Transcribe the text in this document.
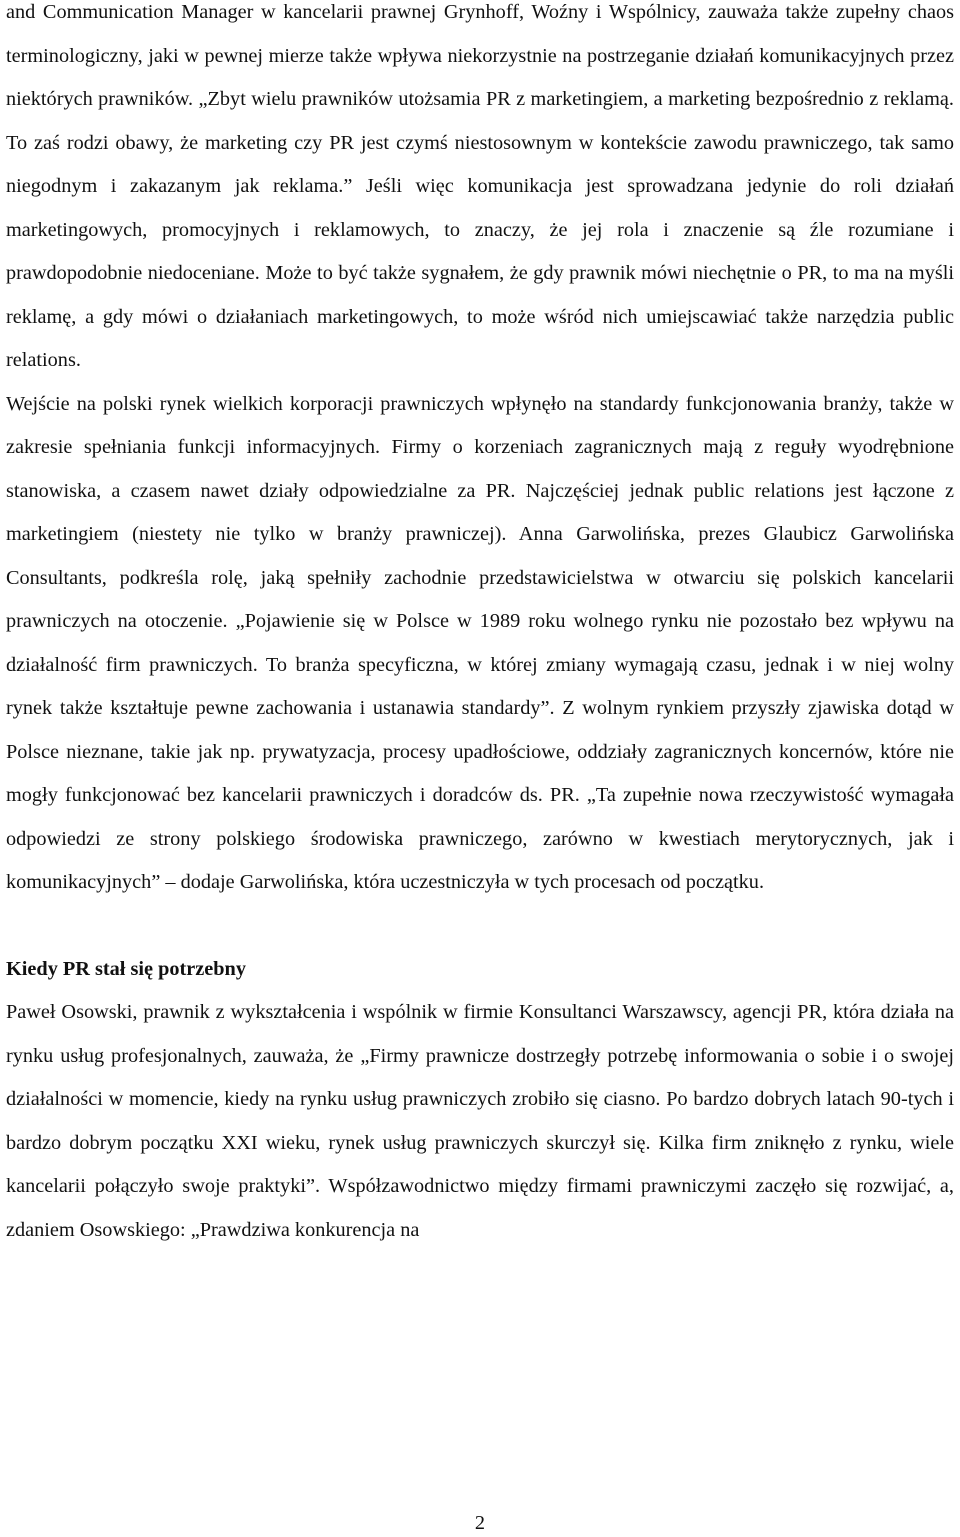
and Communication Manager w kancelarii prawnej Grynhoff, Woźny i Wspólnicy, zauważa także zupełny chaos terminologiczny, jaki w pewnej mierze także wpływa niekorzystnie na postrzeganie działań komunikacyjnych przez niektórych prawników. „Zbyt wielu prawników utożsamia PR z marketingiem, a marketing bezpośrednio z reklamą. To zaś rodzi obawy, że marketing czy PR jest czymś niestosownym w kontekście zawodu prawniczego, tak samo niegodnym i zakazanym jak reklama.” Jeśli więc komunikacja jest sprowadzana jedynie do roli działań marketingowych, promocyjnych i reklamowych, to znaczy, że jej rola i znaczenie są źle rozumiane i prawdopodobnie niedoceniane. Może to być także sygnałem, że gdy prawnik mówi niechętnie o PR, to ma na myśli reklamę, a gdy mówi o działaniach marketingowych, to może wśród nich umiejscawiać także narzędzia public relations.

Wejście na polski rynek wielkich korporacji prawniczych wpłynęło na standardy funkcjonowania branży, także w zakresie spełniania funkcji informacyjnych. Firmy o korzeniach zagranicznych mają z reguły wyodrębnione stanowiska, a czasem nawet działy odpowiedzialne za PR. Najczęściej jednak public relations jest łączone z marketingiem (niestety nie tylko w branży prawniczej). Anna Garwolińska, prezes Glaubicz Garwolińska Consultants, podkreśla rolę, jaką spełniły zachodnie przedstawicielstwa w otwarciu się polskich kancelarii prawniczych na otoczenie. „Pojawienie się w Polsce w 1989 roku wolnego rynku nie pozostało bez wpływu na działalność firm prawniczych. To branża specyficzna, w której zmiany wymagają czasu, jednak i w niej wolny rynek także kształtuje pewne zachowania i ustanawia standardy”. Z wolnym rynkiem przyszły zjawiska dotąd w Polsce nieznane, takie jak np. prywatyzacja, procesy upadłościowe, oddziały zagranicznych koncernów, które nie mogły funkcjonować bez kancelarii prawniczych i doradców ds. PR. „Ta zupełnie nowa rzeczywistość wymagała odpowiedzi ze strony polskiego środowiska prawniczego, zarówno w kwestiach merytorycznych, jak i komunikacyjnych” – dodaje Garwolińska, która uczestniczyła w tych procesach od początku.

Kiedy PR stał się potrzebny

Paweł Osowski, prawnik z wykształcenia i wspólnik w firmie Konsultanci Warszawscy, agencji PR, która działa na rynku usług profesjonalnych, zauważa, że „Firmy prawnicze dostrzegły potrzebę informowania o sobie i o swojej działalności w momencie, kiedy na rynku usług prawniczych zrobiło się ciasno. Po bardzo dobrych latach 90-tych i bardzo dobrym początku XXI wieku, rynek usług prawniczych skurczył się. Kilka firm zniknęło z rynku, wiele kancelarii połączyło swoje praktyki”. Współzawodnictwo między firmami prawniczymi zaczęło się rozwijać, a, zdaniem Osowskiego: „Prawdziwa konkurencja na

2
